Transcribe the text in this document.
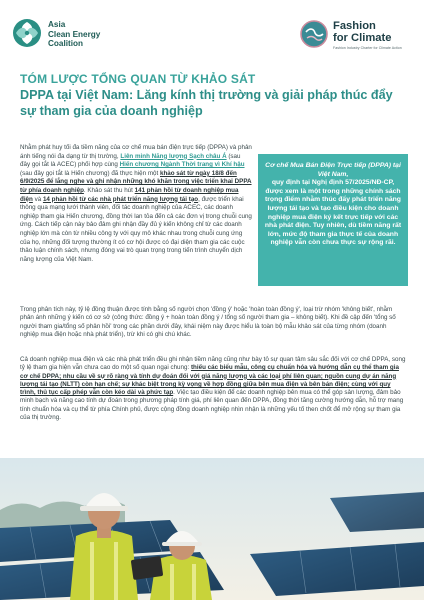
Asia
Clean Energy
Coalition
Fashion
for Climate
Fashion Industry Charter for Climate Action
TÓM LƯỢC TỔNG QUAN TỪ KHẢO SÁT
DPPA tại Việt Nam: Lăng kính thị trường và giải pháp thúc đẩy sự tham gia của doanh nghiệp

Nhằm phát huy tối đa tiềm năng của cơ chế mua bán điện trực tiếp (DPPA) và phản ánh tiếng nói đa dạng từ thị trường, Liên minh Năng lượng Sạch châu Á (sau đây gọi tắt là ACEC) phối hợp cùng Hiến chương Ngành Thời trang vì Khí hậu (sau đây gọi tắt là Hiến chương) đã thực hiện một khảo sát từ ngày 18/8 đến 6/9/2025 để lắng nghe và ghi nhận những khó khăn trong việc triển khai DPPA từ phía doanh nghiệp. Khảo sát thu hút 141 phản hồi từ doanh nghiệp mua điện và 14 phản hồi từ các nhà phát triển năng lượng tái tạo, được triển khai thông qua mạng lưới thành viên, đối tác doanh nghiệp của ACEC, các doanh nghiệp tham gia Hiến chương, đồng thời lan tỏa đến cả các đơn vị trong chuỗi cung ứng. Cách tiếp cận này bảo đảm ghi nhận đầy đủ ý kiến không chỉ từ các doanh nghiệp lớn mà còn từ nhiều công ty với quy mô khác nhau trong chuỗi cung ứng của họ, những đối tượng thường ít có cơ hội được có đại diện tham gia các cuộc thảo luận chính sách, nhưng đóng vai trò quan trọng trong tiến trình chuyển dịch năng lượng của Việt Nam.

Cơ chế Mua Bán Điện Trực tiếp (DPPA) tại Việt Nam,
quy định tại Nghị định 57/2025/NĐ-CP, được xem là một trong những chính sách trọng điểm nhằm thúc đẩy phát triển năng lượng tái tạo và tạo điều kiện cho doanh nghiệp mua điện ký kết trực tiếp với các nhà phát điện. Tuy nhiên, dù tiềm năng rất lớn, mức độ tham gia thực tế của doanh nghiệp vẫn còn chưa thực sự rộng rãi.

Trong phân tích này, tỷ lệ đồng thuận được tính bằng số người chọn 'đồng ý' hoặc 'hoàn toàn đồng ý', loại trừ nhóm 'không biết', nhằm phản ánh những ý kiến có cơ sở (công thức: đồng ý + hoàn toàn đồng ý / tổng số người tham gia – không biết). Khi đề cập đến 'tổng số người tham gia/tổng số phản hồi' trong các phần dưới đây, khái niệm này được hiểu là toàn bộ mẫu khảo sát của từng nhóm (doanh nghiệp mua điện hoặc nhà phát triển), trừ khi có ghi chú khác.

Cả doanh nghiệp mua điện và các nhà phát triển đều ghi nhận tiềm năng cũng như bày tỏ sự quan tâm sâu sắc đối với cơ chế DPPA, song tỷ lệ tham gia hiện vẫn chưa cao do một số quan ngại chung: thiếu các biểu mẫu, công cụ chuẩn hóa và hướng dẫn cụ thể tham gia cơ chế DPPA; nhu cầu về sự rõ ràng và tính dự đoán đối với giá năng lượng và các loại phí liên quan; nguồn cung dự án năng lượng tái tạo (NLTT) còn hạn chế; sự khác biệt trong kỳ vọng về hợp đồng giữa bên mua điện và bên bán điện; cùng với quy trình, thủ tục cấp phép vẫn còn kéo dài và phức tạp. Việc tạo điều kiện để các doanh nghiệp bên mua có thể góp sản lượng, đảm bảo minh bạch và năng cao tính dự đoán trong phương pháp tính giá, phí liên quan đến DPPA, đồng thời tăng cường hướng dẫn, hỗ trợ mang tính chuẩn hóa và cụ thể từ phía Chính phủ, được cộng đồng doanh nghiệp nhìn nhận là những yếu tố then chốt để mở rộng sự tham gia của thị trường.
